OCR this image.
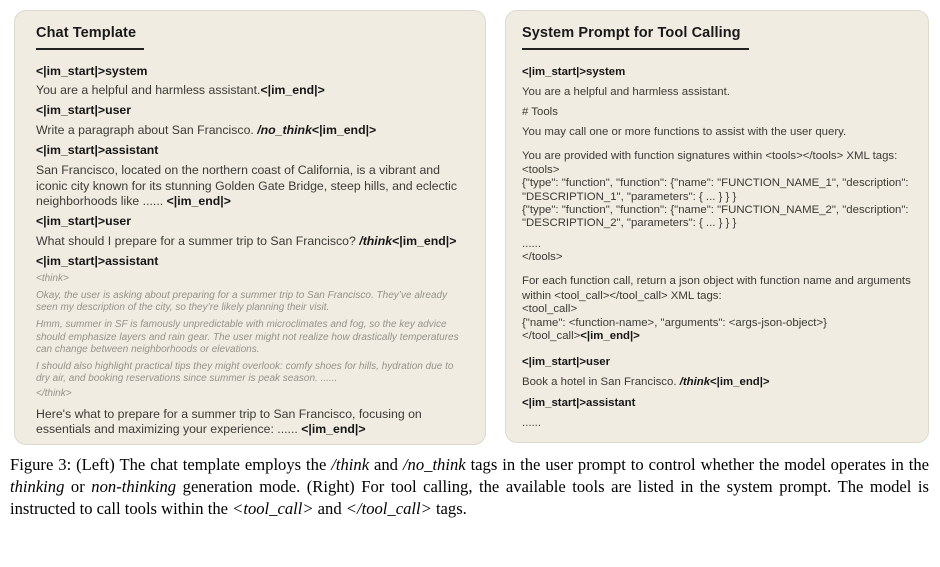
Chat Template

<|im_start|>system

You are a helpful and harmless assistant.<|im_end|>

<|im_start|>user

Write a paragraph about San Francisco. /no_think<|im_end|>

<|im_start|>assistant

San Francisco, located on the northern coast of California, is a vibrant and iconic city known for its stunning Golden Gate Bridge, steep hills, and eclectic neighborhoods like ...... <|im_end|>

<|im_start|>user

What should I prepare for a summer trip to San Francisco? /think<|im_end|>

<|im_start|>assistant

<think>

Okay, the user is asking about preparing for a summer trip to San Francisco. They’ve already seen my description of the city, so they’re likely planning their visit.

Hmm, summer in SF is famously unpredictable with microclimates and fog, so the key advice should emphasize layers and rain gear. The user might not realize how drastically temperatures can change between neighborhoods or elevations.

I should also highlight practical tips they might overlook: comfy shoes for hills, hydration due to dry air, and booking reservations since summer is peak season. ......

</think>

Here's what to prepare for a summer trip to San Francisco, focusing on essentials and maximizing your experience: ...... <|im_end|>

System Prompt for Tool Calling

<|im_start|>system

You are a helpful and harmless assistant.

# Tools

You may call one or more functions to assist with the user query.

You are provided with function signatures within <tools></tools> XML tags:

<tools>

{"type": "function", "function": {"name": "FUNCTION_NAME_1", "description": "DESCRIPTION_1", "parameters": { ... } } }

{"type": "function", "function": {"name": "FUNCTION_NAME_2", "description": "DESCRIPTION_2", "parameters": { ... } } }

......

</tools>

For each function call, return a json object with function name and arguments within <tool_call></tool_call> XML tags:

<tool_call>

{"name": <function-name>, "arguments": <args-json-object>}

</tool_call><|im_end|>

<|im_start|>user

Book a hotel in San Francisco. /think<|im_end|>

<|im_start|>assistant

......

Figure 3: (Left) The chat template employs the /think and /no_think tags in the user prompt to control whether the model operates in the thinking or non-thinking generation mode. (Right) For tool calling, the available tools are listed in the system prompt. The model is instructed to call tools within the <tool_call> and </tool_call> tags.
